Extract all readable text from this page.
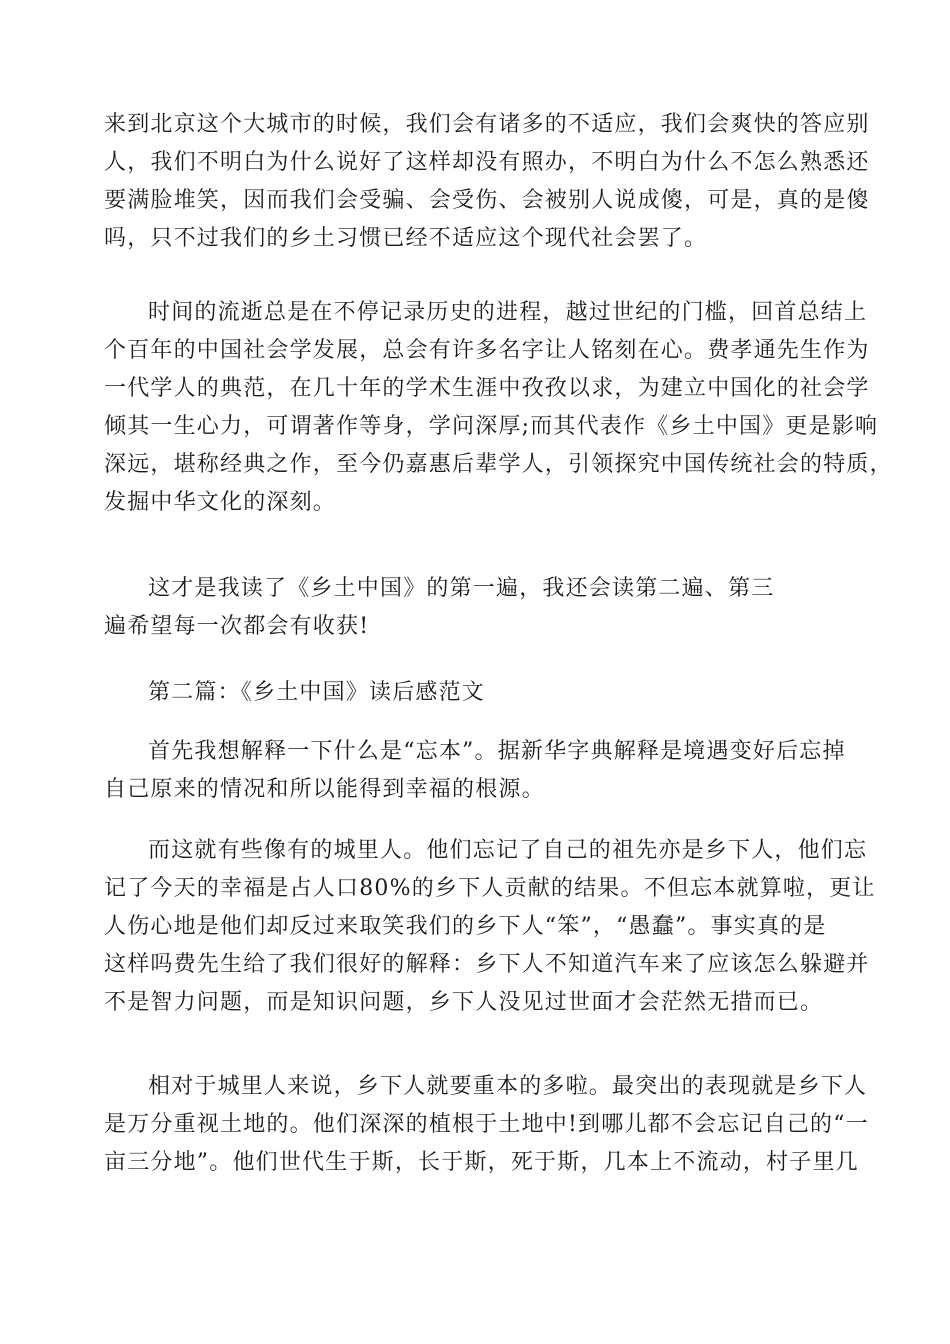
来到北京这个大城市的时候，我们会有诸多的不适应，我们会爽快的答应别
人，我们不明白为什么说好了这样却没有照办，不明白为什么不怎么熟悉还
要满脸堆笑，因而我们会受骗、会受伤、会被别人说成傻，可是，真的是傻
吗，只不过我们的乡土习惯已经不适应这个现代社会罢了。
时间的流逝总是在不停记录历史的进程，越过世纪的门槛，回首总结上
个百年的中国社会学发展，总会有许多名字让人铭刻在心。费孝通先生作为
一代学人的典范，在几十年的学术生涯中孜孜以求，为建立中国化的社会学
倾其一生心力，可谓著作等身，学问深厚;而其代表作《乡土中国》更是影响
深远，堪称经典之作，至今仍嘉惠后辈学人，引领探究中国传统社会的特质，
发掘中华文化的深刻。
这才是我读了《乡土中国》的第一遍，我还会读第二遍、第三
遍希望每一次都会有收获!
第二篇：《乡土中国》读后感范文
首先我想解释一下什么是“忘本”。据新华字典解释是境遇变好后忘掉
自己原来的情况和所以能得到幸福的根源。
而这就有些像有的城里人。他们忘记了自己的祖先亦是乡下人，他们忘
记了今天的幸福是占人口80%的乡下人贡献的结果。不但忘本就算啦，更让
人伤心地是他们却反过来取笑我们的乡下人“笨”，“愚蠢”。事实真的是
这样吗费先生给了我们很好的解释：乡下人不知道汽车来了应该怎么躲避并
不是智力问题，而是知识问题，乡下人没见过世面才会茫然无措而已。
相对于城里人来说，乡下人就要重本的多啦。最突出的表现就是乡下人
是万分重视土地的。他们深深的植根于土地中!到哪儿都不会忘记自己的“一
亩三分地”。他们世代生于斯，长于斯，死于斯，几本上不流动，村子里几
